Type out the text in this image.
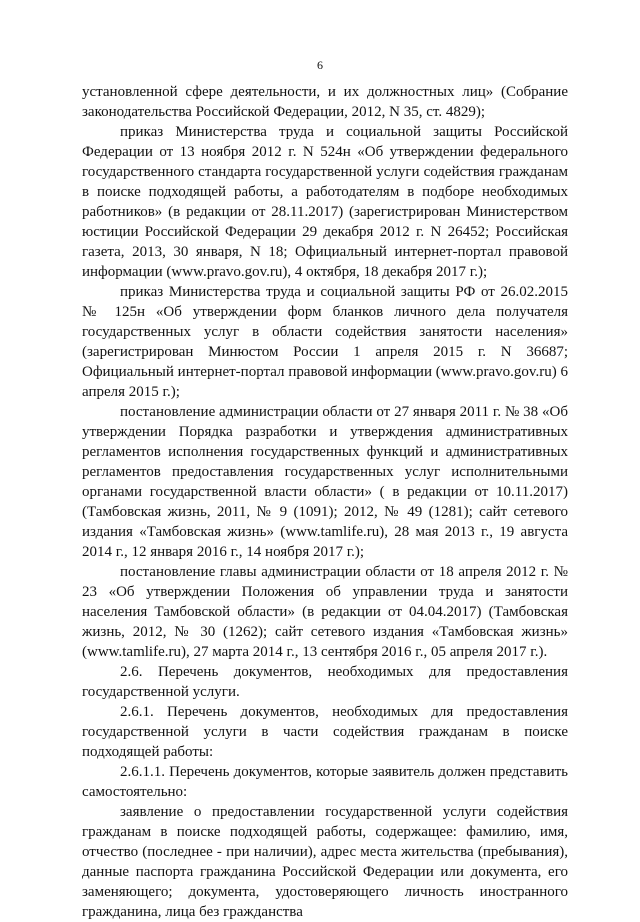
6

установленной сфере деятельности, и их должностных лиц» (Собрание законодательства Российской Федерации, 2012, N 35, ст. 4829);

приказ Министерства труда и социальной защиты Российской Федерации от 13 ноября 2012 г. N 524н «Об утверждении федерального государственного стандарта государственной услуги содействия гражданам в поиске подходящей работы, а работодателям в подборе необходимых работников» (в редакции от 28.11.2017) (зарегистрирован Министерством юстиции Российской Федерации 29 декабря 2012 г. N 26452; Российская газета, 2013, 30 января, N 18; Официальный интернет-портал правовой информации (www.pravo.gov.ru), 4 октября, 18 декабря 2017 г.);

приказ Министерства труда и социальной защиты РФ от 26.02.2015 № 125н «Об утверждении форм бланков личного дела получателя государственных услуг в области содействия занятости населения» (зарегистрирован Минюстом России 1 апреля 2015 г. N 36687; Официальный интернет-портал правовой информации (www.pravo.gov.ru) 6 апреля 2015 г.);

постановление администрации области от 27 января 2011 г. № 38 «Об утверждении Порядка разработки и утверждения административных регламентов исполнения государственных функций и административных регламентов предоставления государственных услуг исполнительными органами государственной власти области» ( в редакции от 10.11.2017) (Тамбовская жизнь, 2011, № 9 (1091); 2012, № 49 (1281); сайт сетевого издания «Тамбовская жизнь» (www.tamlife.ru), 28 мая 2013 г., 19 августа 2014 г., 12 января 2016 г., 14 ноября 2017 г.);

постановление главы администрации области от 18 апреля 2012 г. № 23 «Об утверждении Положения об управлении труда и занятости населения Тамбовской области» (в редакции от 04.04.2017) (Тамбовская жизнь, 2012, № 30 (1262); сайт сетевого издания «Тамбовская жизнь» (www.tamlife.ru), 27 марта 2014 г., 13 сентября 2016 г., 05 апреля 2017 г.).

2.6. Перечень документов, необходимых для предоставления государственной услуги.

2.6.1. Перечень документов, необходимых для предоставления государственной услуги в части содействия гражданам в поиске подходящей работы:

2.6.1.1. Перечень документов, которые заявитель должен представить самостоятельно:

заявление о предоставлении государственной услуги содействия гражданам в поиске подходящей работы, содержащее: фамилию, имя, отчество (последнее - при наличии), адрес места жительства (пребывания), данные паспорта гражданина Российской Федерации или документа, его заменяющего; документа, удостоверяющего личность иностранного гражданина, лица без гражданства
